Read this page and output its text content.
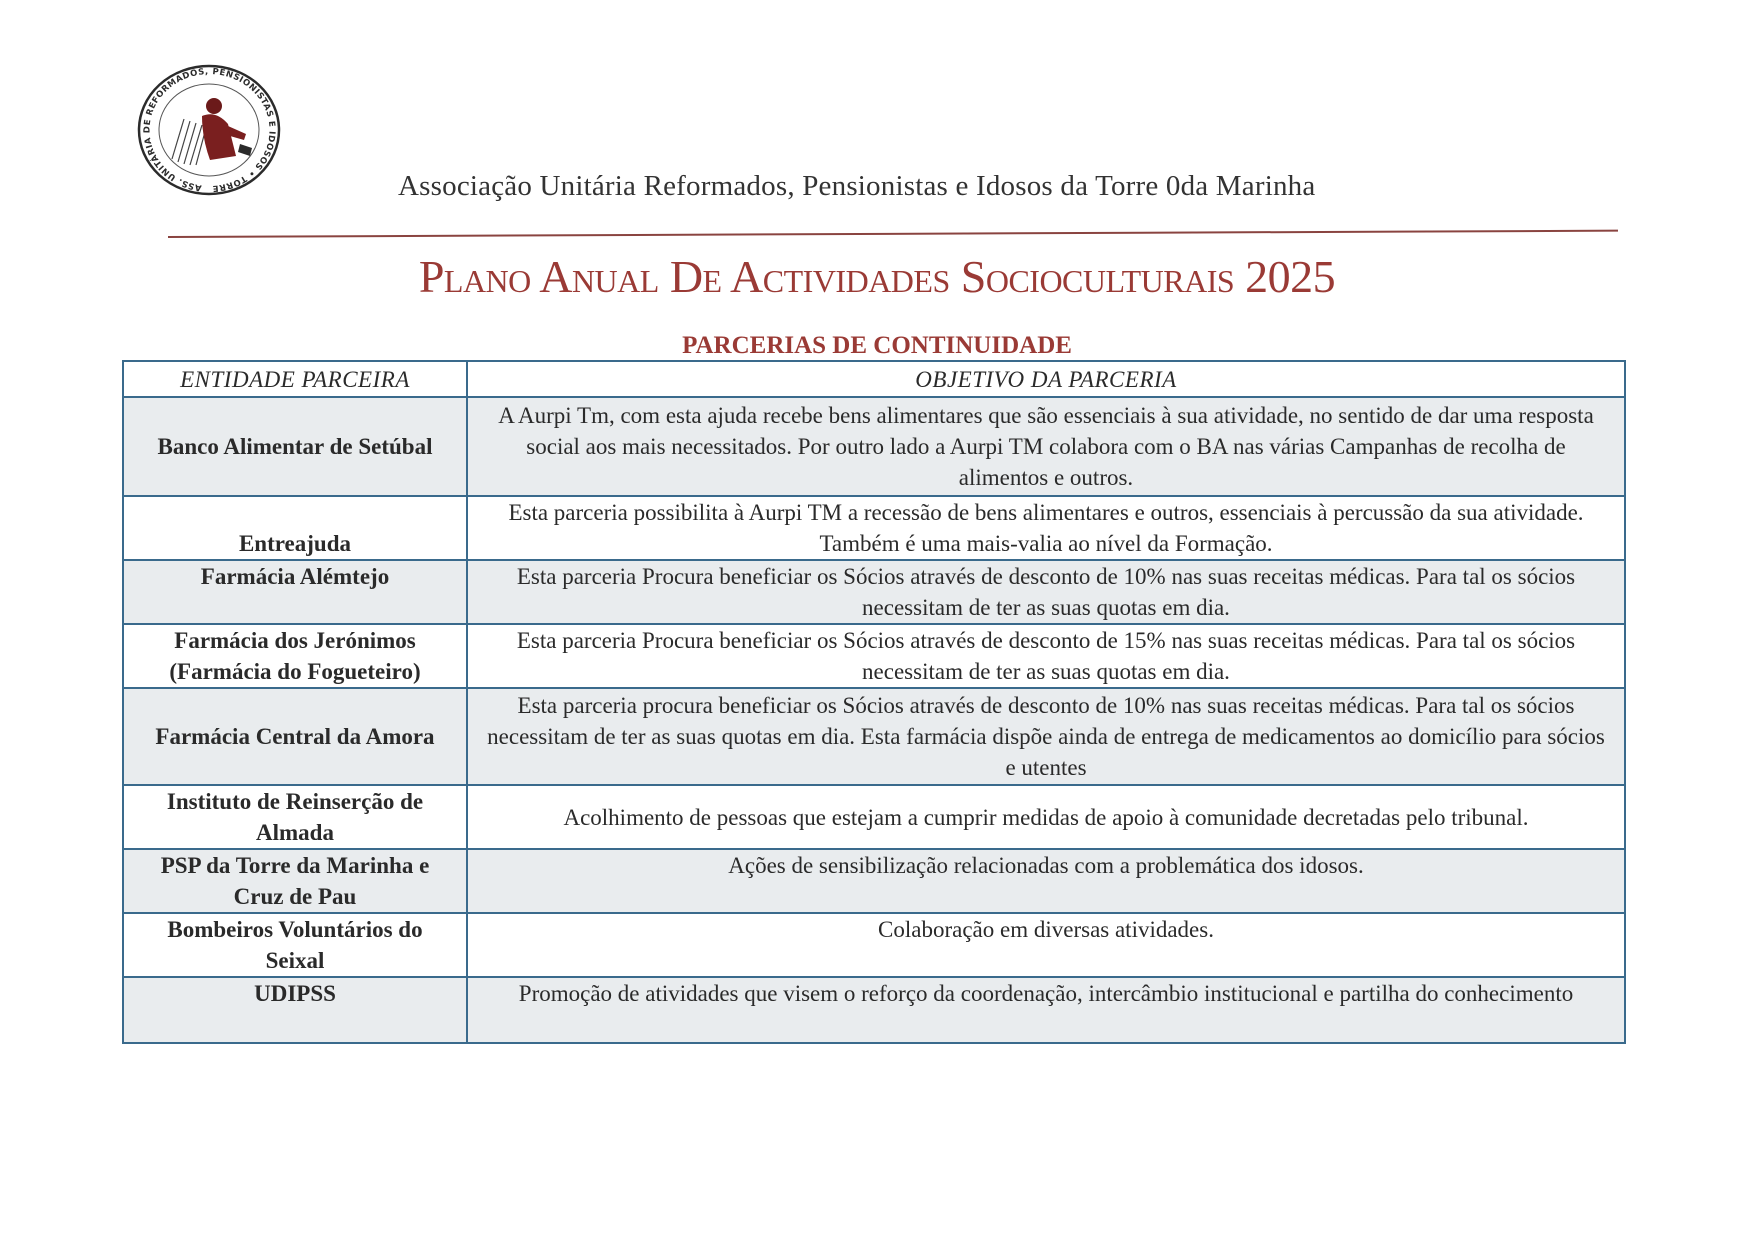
ASS. UNITÁRIA DE REFORMADOS, PENSIONISTAS E IDOSOS • TORRE	Associação Unitária Reformados, Pensionistas e Idosos da Torre 0da Marinha
Plano Anual De Actividades Socioculturais 2025
PARCERIAS DE CONTINUIDADE
ENTIDADE PARCEIRA	OBJETIVO DA PARCERIA
Banco Alimentar de Setúbal	A Aurpi Tm, com esta ajuda recebe bens alimentares que são essenciais à sua atividade, no sentido de dar uma resposta social aos mais necessitados. Por outro lado a Aurpi TM colabora com o BA nas várias Campanhas de recolha de alimentos e outros.
Entreajuda	Esta parceria possibilita à Aurpi TM a recessão de bens alimentares e outros, essenciais à percussão da sua atividade. Também é uma mais-valia ao nível da Formação.
Farmácia Alémtejo	Esta parceria Procura beneficiar os Sócios através de desconto de 10% nas suas receitas médicas. Para tal os sócios necessitam de ter as suas quotas em dia.
Farmácia dos Jerónimos (Farmácia do Fogueteiro)	Esta parceria Procura beneficiar os Sócios através de desconto de 15% nas suas receitas médicas. Para tal os sócios necessitam de ter as suas quotas em dia.
Farmácia Central da Amora	Esta parceria procura beneficiar os Sócios através de desconto de 10% nas suas receitas médicas. Para tal os sócios necessitam de ter as suas quotas em dia. Esta farmácia dispõe ainda de entrega de medicamentos ao domicílio para sócios e utentes
Instituto de Reinserção de Almada	Acolhimento de pessoas que estejam a cumprir medidas de apoio à comunidade decretadas pelo tribunal.
PSP da Torre da Marinha e Cruz de Pau	Ações de sensibilização relacionadas com a problemática dos idosos.
Bombeiros Voluntários do Seixal	Colaboração em diversas atividades.
UDIPSS	Promoção de atividades que visem o reforço da coordenação, intercâmbio institucional e partilha do conhecimento
